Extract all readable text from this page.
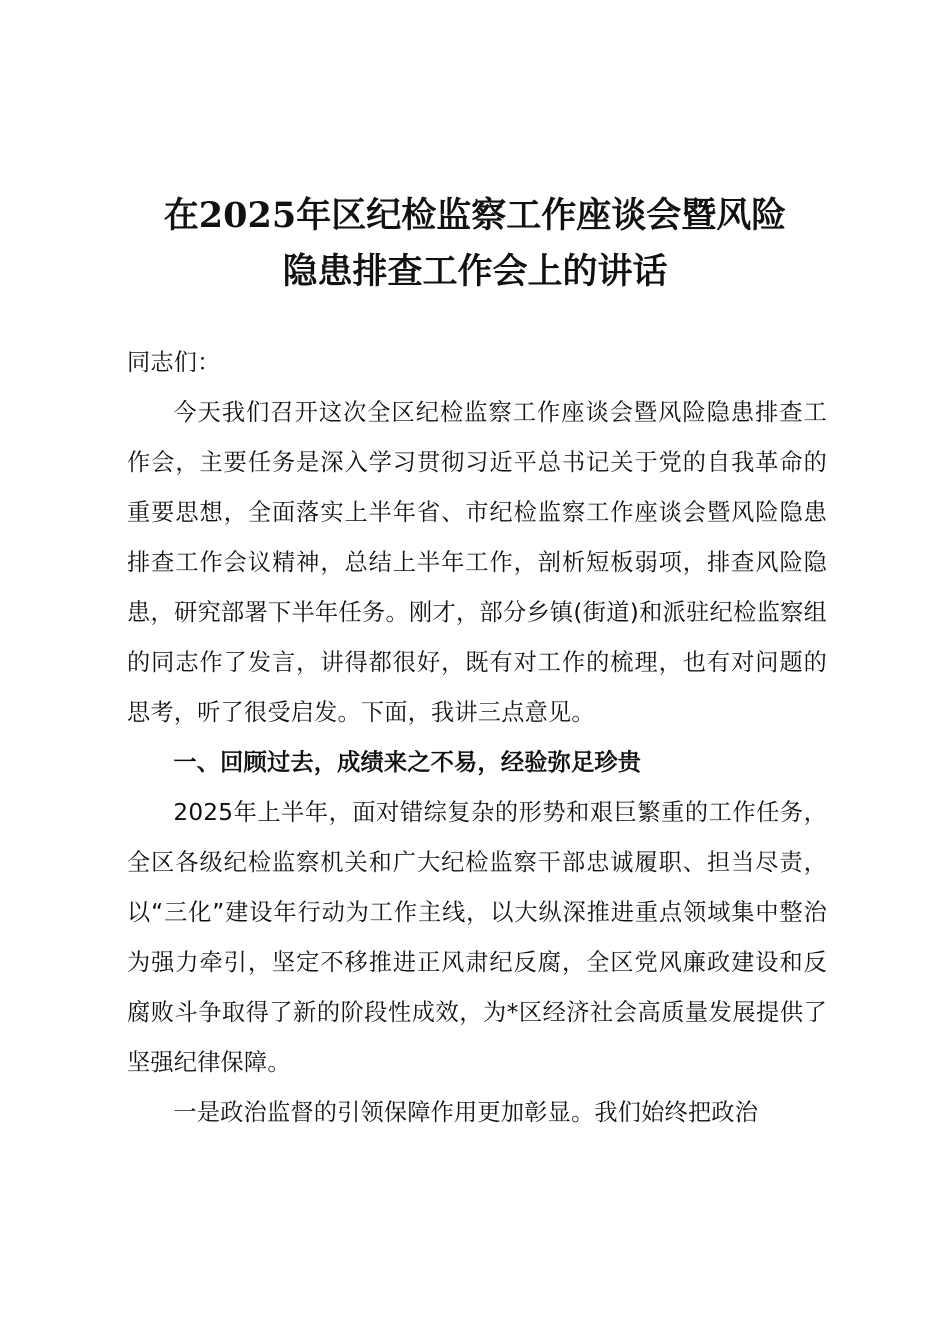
在2025年区纪检监察工作座谈会暨风险
隐患排查工作会上的讲话

同志们：

今天我们召开这次全区纪检监察工作座谈会暨风险隐患排查工作会，主要任务是深入学习贯彻习近平总书记关于党的自我革命的重要思想，全面落实上半年省、市纪检监察工作座谈会暨风险隐患排查工作会议精神，总结上半年工作，剖析短板弱项，排查风险隐患，研究部署下半年任务。刚才，部分乡镇(街道)和派驻纪检监察组的同志作了发言，讲得都很好，既有对工作的梳理，也有对问题的思考，听了很受启发。下面，我讲三点意见。

一、回顾过去，成绩来之不易，经验弥足珍贵

2025年上半年，面对错综复杂的形势和艰巨繁重的工作任务，全区各级纪检监察机关和广大纪检监察干部忠诚履职、担当尽责，以“三化”建设年行动为工作主线，以大纵深推进重点领域集中整治为强力牵引，坚定不移推进正风肃纪反腐，全区党风廉政建设和反腐败斗争取得了新的阶段性成效，为*区经济社会高质量发展提供了坚强纪律保障。

一是政治监督的引领保障作用更加彰显。我们始终把政治
